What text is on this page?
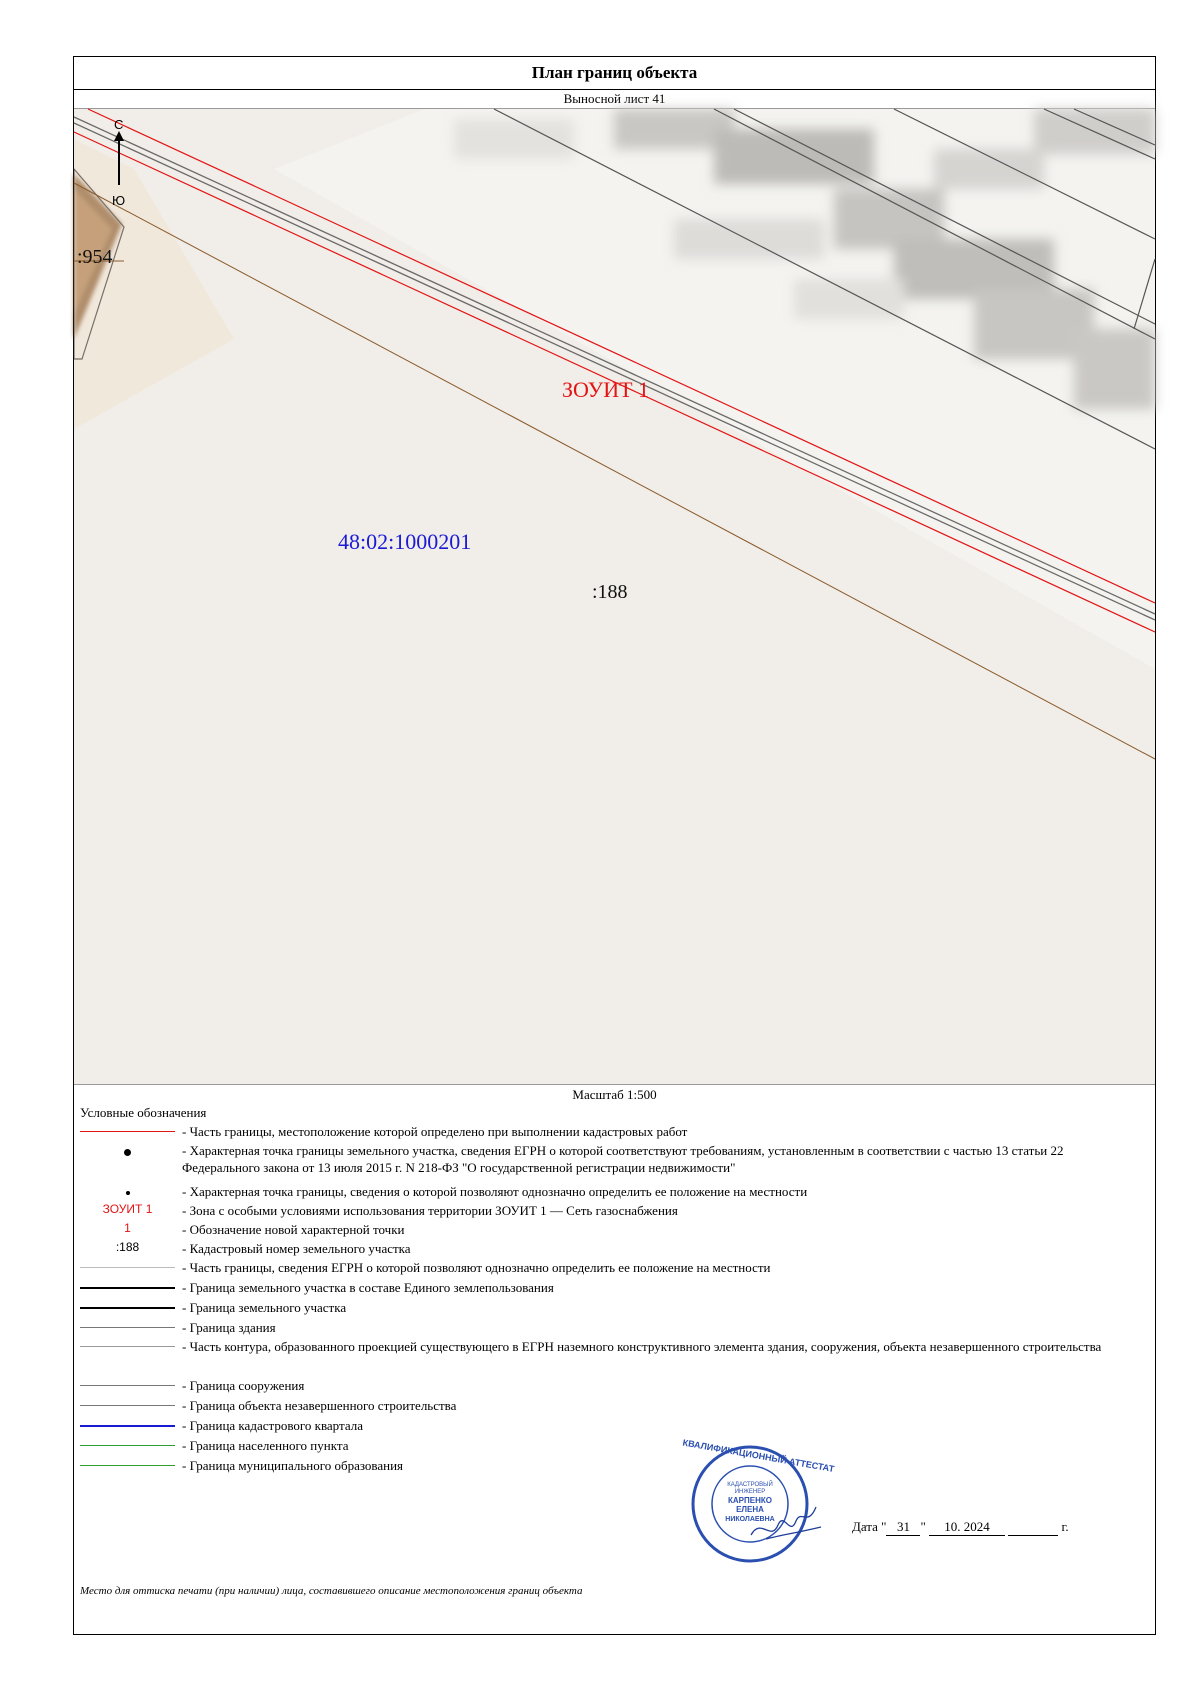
План границ объекта
Выносной лист 41
С
Ю
:954
ЗОУИТ 1
48:02:1000201
:188
Масштаб 1:500
Условные обозначения
- Часть границы, местоположение которой определено при выполнении кадастровых работ
- Характерная точка границы земельного участка, сведения ЕГРН о которой соответствуют требованиям, установленным в соответствии с частью 13 статьи 22 Федерального закона от 13 июля 2015 г. N 218-ФЗ "О государственной регистрации недвижимости"
- Характерная точка границы, сведения о которой позволяют однозначно определить ее положение на местности
ЗОУИТ 1	- Зона с особыми условиями использования территории ЗОУИТ 1 — Сеть газоснабжения
1	- Обозначение новой характерной точки
:188	- Кадастровый номер земельного участка
- Часть границы, сведения ЕГРН о которой позволяют однозначно определить ее положение на местности
- Граница земельного участка в составе Единого землепользования
- Граница земельного участка
- Граница здания
- Часть контура, образованного проекцией существующего в ЕГРН наземного конструктивного элемента здания, сооружения, объекта незавершенного строительства
- Граница сооружения
- Граница объекта незавершенного строительства
- Граница кадастрового квартала
- Граница населенного пункта
- Граница муниципального образования	КВАЛИФИКАЦИОННЫЙ АТТЕСТАТ
КАДАСТРОВЫЙ
ИНЖЕНЕР
КАРПЕНКО
ЕЛЕНА
НИКОЛАЕВНА	Дата " 31 " 10. 2024	г.
Место для оттиска печати (при наличии) лица, составившего описание местоположения границ объекта
